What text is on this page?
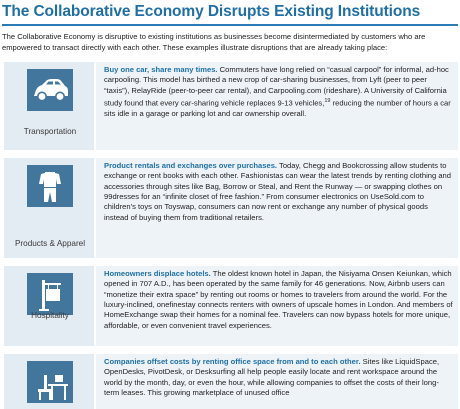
The Collaborative Economy Disrupts Existing Institutions
The Collaborative Economy is disruptive to existing institutions as businesses become disintermediated by customers who are empowered to transact directly with each other. These examples illustrate disruptions that are already taking place:
Transportation
Buy one car, share many times. Commuters have long relied on “casual carpool” for informal, ad-hoc carpooling. This model has birthed a new crop of car-sharing businesses, from Lyft (peer to peer “taxis”), RelayRide (peer-to-peer car rental), and Carpooling.com (rideshare). A University of California study found that every car-sharing vehicle replaces 9-13 vehicles,$^{19}$ reducing the number of hours a car sits idle in a garage or parking lot and car ownership overall.
Products & Apparel
Product rentals and exchanges over purchases. Today, Chegg and Bookcrossing allow students to exchange or rent books with each other. Fashionistas can wear the latest trends by renting clothing and accessories through sites like Bag, Borrow or Steal, and Rent the Runway — or swapping clothes on 99dresses for an “infinite closet of free fashion.” From consumer electronics on UseSold.com to children’s toys on Toyswap, consumers can now rent or exchange any number of physical goods instead of buying them from traditional retailers.
Hospitality
Homeowners displace hotels. The oldest known hotel in Japan, the Nisiyama Onsen Keiunkan, which opened in 707 A.D., has been operated by the same family for 46 generations. Now, Airbnb users can “monetize their extra space” by renting out rooms or homes to travelers from around the world. For the luxury-inclined, onefinestay connects renters with owners of upscale homes in London. And members of HomeExchange swap their homes for a nominal fee. Travelers can now bypass hotels for more unique, affordable, or even convenient travel experiences.
Companies offset costs by renting office space from and to each other. Sites like LiquidSpace, OpenDesks, PivotDesk, or Desksurfing all help people easily locate and rent workspace around the world by the month, day, or even the hour, while allowing companies to offset the costs of their long-term leases. This growing marketplace of unused office
